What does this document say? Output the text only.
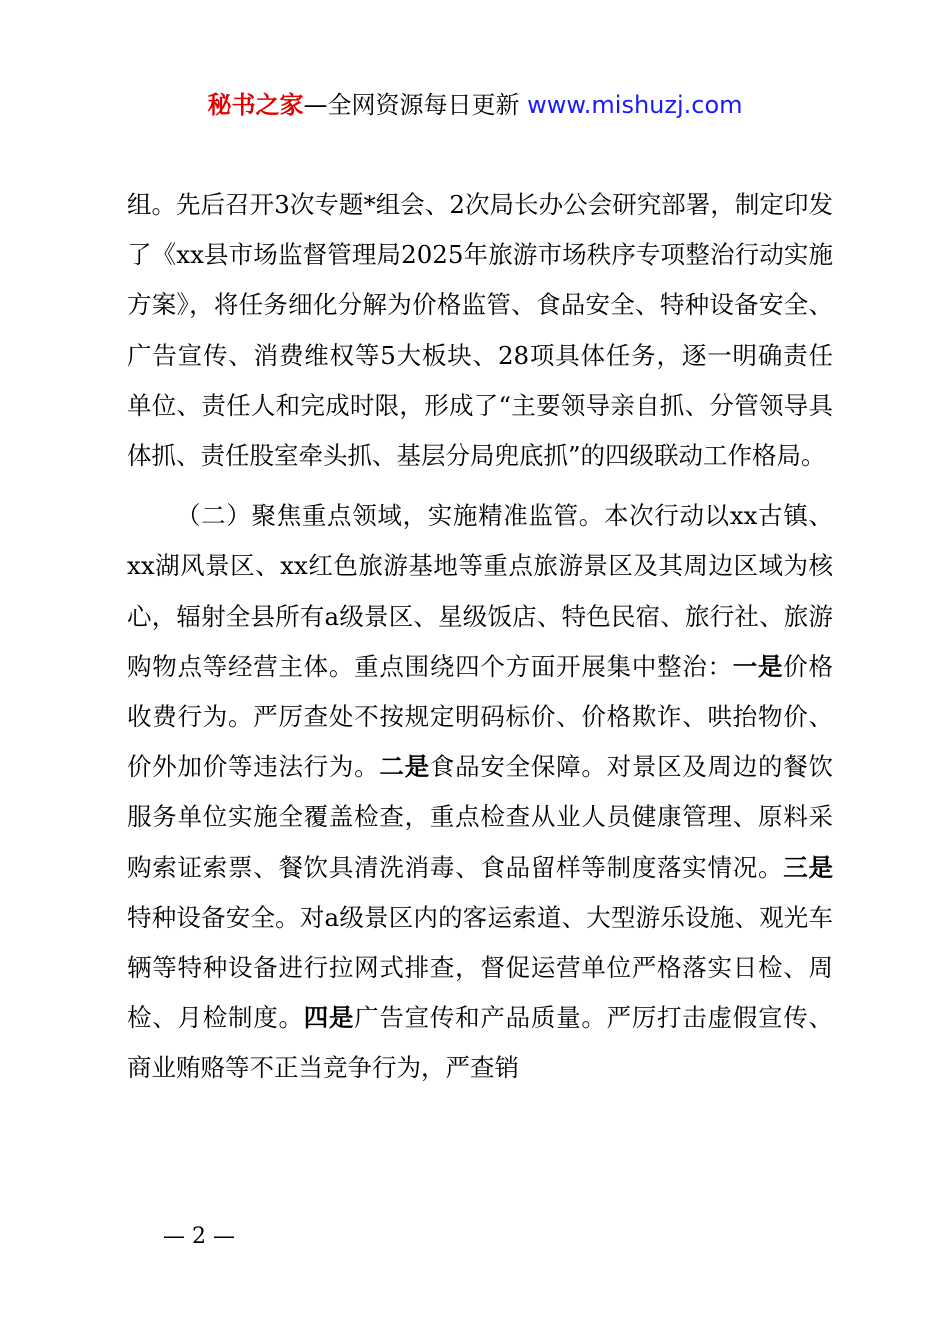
秘书之家—全网资源每日更新 www.mishuzj.com

组。先后召开3次专题*组会、2次局长办公会研究部署，制定印发了《xx县市场监督管理局2025年旅游市场秩序专项整治行动实施方案》，将任务细化分解为价格监管、食品安全、特种设备安全、广告宣传、消费维权等5大板块、28项具体任务，逐一明确责任单位、责任人和完成时限，形成了“主要领导亲自抓、分管领导具体抓、责任股室牵头抓、基层分局兜底抓”的四级联动工作格局。

（二）聚焦重点领域，实施精准监管。本次行动以xx古镇、xx湖风景区、xx红色旅游基地等重点旅游景区及其周边区域为核心，辐射全县所有a级景区、星级饭店、特色民宿、旅行社、旅游购物点等经营主体。重点围绕四个方面开展集中整治：一是价格收费行为。严厉查处不按规定明码标价、价格欺诈、哄抬物价、价外加价等违法行为。二是食品安全保障。对景区及周边的餐饮服务单位实施全覆盖检查，重点检查从业人员健康管理、原料采购索证索票、餐饮具清洗消毒、食品留样等制度落实情况。三是特种设备安全。对a级景区内的客运索道、大型游乐设施、观光车辆等特种设备进行拉网式排查，督促运营单位严格落实日检、周检、月检制度。四是广告宣传和产品质量。严厉打击虚假宣传、商业贿赂等不正当竞争行为，严查销

— 2 —
